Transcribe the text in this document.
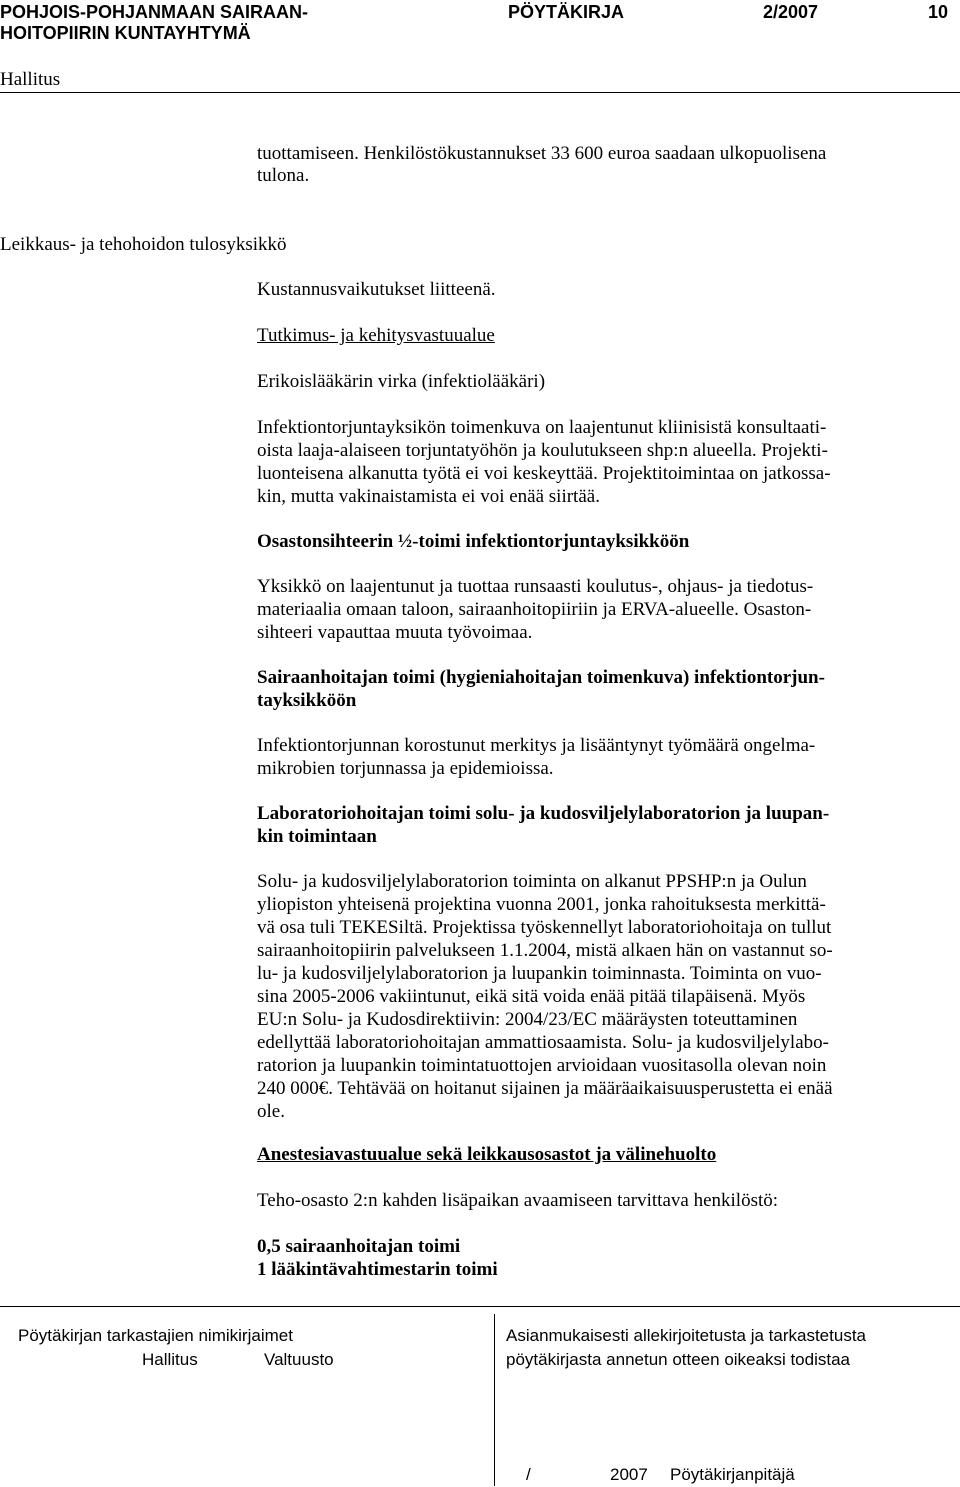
POHJOIS-POHJANMAAN SAIRAAN-
HOITOPIIRIN KUNTAYHTYMÄ
PÖYTÄKIRJA	2/2007	10
Hallitus
tuottamiseen. Henkilöstökustannukset 33 600 euroa saadaan ulkopuolisena
tulona.
Leikkaus- ja tehohoidon tulosyksikkö
Kustannusvaikutukset liitteenä.
Tutkimus- ja kehitysvastuualue
Erikoislääkärin virka (infektiolääkäri)
Infektiontorjuntayksikön toimenkuva on laajentunut kliinisistä konsultaati-
oista laaja-alaiseen torjuntatyöhön ja koulutukseen shp:n alueella. Projekti-
luonteisena alkanutta työtä ei voi keskeyttää. Projektitoimintaa on jatkossa-
kin, mutta vakinaistamista ei voi enää siirtää.
Osastonsihteerin ½-toimi infektiontorjuntayksikköön
Yksikkö on laajentunut ja tuottaa runsaasti koulutus-, ohjaus- ja tiedotus-
materiaalia omaan taloon, sairaanhoitopiiriin ja ERVA-alueelle. Osaston-
sihteeri vapauttaa muuta työvoimaa.
Sairaanhoitajan toimi (hygieniahoitajan toimenkuva) infektiontorjun-
tayksikköön
Infektiontorjunnan korostunut merkitys ja lisääntynyt työmäärä ongelma-
mikrobien torjunnassa ja epidemioissa.
Laboratoriohoitajan toimi solu- ja kudosviljelylaboratorion ja luupan-
kin toimintaan
Solu- ja kudosviljelylaboratorion toiminta on alkanut PPSHP:n ja Oulun
yliopiston yhteisenä projektina vuonna 2001, jonka rahoituksesta merkittä-
vä osa tuli TEKESiltä. Projektissa työskennellyt laboratoriohoitaja on tullut
sairaanhoitopiirin palvelukseen 1.1.2004, mistä alkaen hän on vastannut so-
lu- ja kudosviljelylaboratorion ja luupankin toiminnasta. Toiminta on vuo-
sina 2005-2006 vakiintunut, eikä sitä voida enää pitää tilapäisenä. Myös
EU:n Solu- ja Kudosdirektiivin: 2004/23/EC määräysten toteuttaminen
edellyttää laboratoriohoitajan ammattiosaamista. Solu- ja kudosviljelylabo-
ratorion ja luupankin toimintatuottojen arvioidaan vuositasolla olevan noin
240 000€. Tehtävää on hoitanut sijainen ja määräaikaisuusperustetta ei enää
ole.
Anestesiavastuualue sekä leikkausosastot ja välinehuolto
Teho-osasto 2:n kahden lisäpaikan avaamiseen tarvittava henkilöstö:
0,5 sairaanhoitajan toimi
1 lääkintävahtimestarin toimi
Pöytäkirjan tarkastajien nimikirjaimet
Hallitus	Valtuusto
Asianmukaisesti allekirjoitetusta ja tarkastetusta
pöytäkirjasta annetun otteen oikeaksi todistaa
/	2007 Pöytäkirjanpitäjä
